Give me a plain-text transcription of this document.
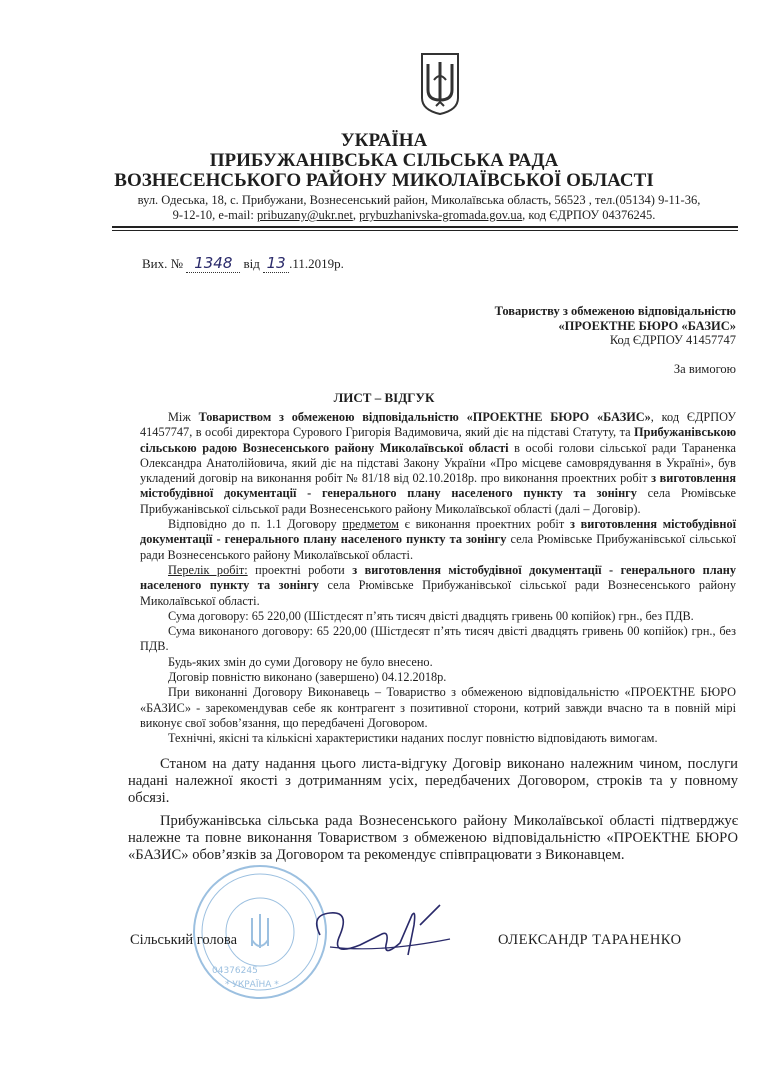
УКРАЇНА
ПРИБУЖАНІВСЬКА СІЛЬСЬКА РАДА
ВОЗНЕСЕНСЬКОГО РАЙОНУ МИКОЛАЇВСЬКОЇ ОБЛАСТІ
вул. Одеська, 18, с. Прибужани, Вознесенський район, Миколаївська область, 56523 , тел.(05134) 9-11-36,
9-12-10, e-mail: pribuzany@ukr.net, prybuzhanivska-gromada.gov.ua, код ЄДРПОУ 04376245.
Вих. № 1348 від 13 .11.2019р.
Товариству з обмеженою відповідальністю
«ПРОЕКТНЕ БЮРО «БАЗИС»
Код ЄДРПОУ 41457747
За вимогою
ЛИСТ – ВІДГУК

Між Товариством з обмеженою відповідальністю «ПРОЕКТНЕ БЮРО «БАЗИС», код ЄДРПОУ 41457747, в особі директора Сурового Григорія Вадимовича, який діє на підставі Статуту, та Прибужанівською сільською радою Вознесенського району Миколаївської області в особі голови сільської ради Тараненка Олександра Анатолійовича, який діє на підставі Закону України «Про місцеве самоврядування в Україні», був укладений договір на виконання робіт № 81/18 від 02.10.2018р. про виконання проектних робіт з виготовлення містобудівної документації - генерального плану населеного пункту та зонінгу села Рюмівське Прибужанівської сільської ради Вознесенського району Миколаївської області (далі – Договір).

Відповідно до п. 1.1 Договору предметом є виконання проектних робіт з виготовлення містобудівної документації - генерального плану населеного пункту та зонінгу села Рюмівське Прибужанівської сільської ради Вознесенського району Миколаївської області.

Перелік робіт: проектні роботи з виготовлення містобудівної документації - генерального плану населеного пункту та зонінгу села Рюмівське Прибужанівської сільської ради Вознесенського району Миколаївської області.

Сума договору: 65 220,00 (Шістдесят п’ять тисяч двісті двадцять гривень 00 копійок) грн., без ПДВ.

Сума виконаного договору: 65 220,00 (Шістдесят п’ять тисяч двісті двадцять гривень 00 копійок) грн., без ПДВ.

Будь-яких змін до суми Договору не було внесено.

Договір повністю виконано (завершено) 04.12.2018р.

При виконанні Договору Виконавець – Товариство з обмеженою відповідальністю «ПРОЕКТНЕ БЮРО «БАЗИС» - зарекомендував себе як контрагент з позитивної сторони, котрий завжди вчасно та в повній мірі виконує свої зобов’язання, що передбачені Договором.

Технічні, якісні та кількісні характеристики наданих послуг повністю відповідають вимогам.

Станом на дату надання цього листа-відгуку Договір виконано належним чином, послуги надані належної якості з дотриманням усіх, передбачених Договором, строків та у повному обсязі.

Прибужанівська сільська рада Вознесенського району Миколаївської області підтверджує належне та повне виконання Товариством з обмеженою відповідальністю «ПРОЕКТНЕ БЮРО «БАЗИС» обов’язків за Договором та рекомендує співпрацювати з Виконавцем.

04376245
* УКРАЇНА *
Сільський голова	ОЛЕКСАНДР ТАРАНЕНКО
